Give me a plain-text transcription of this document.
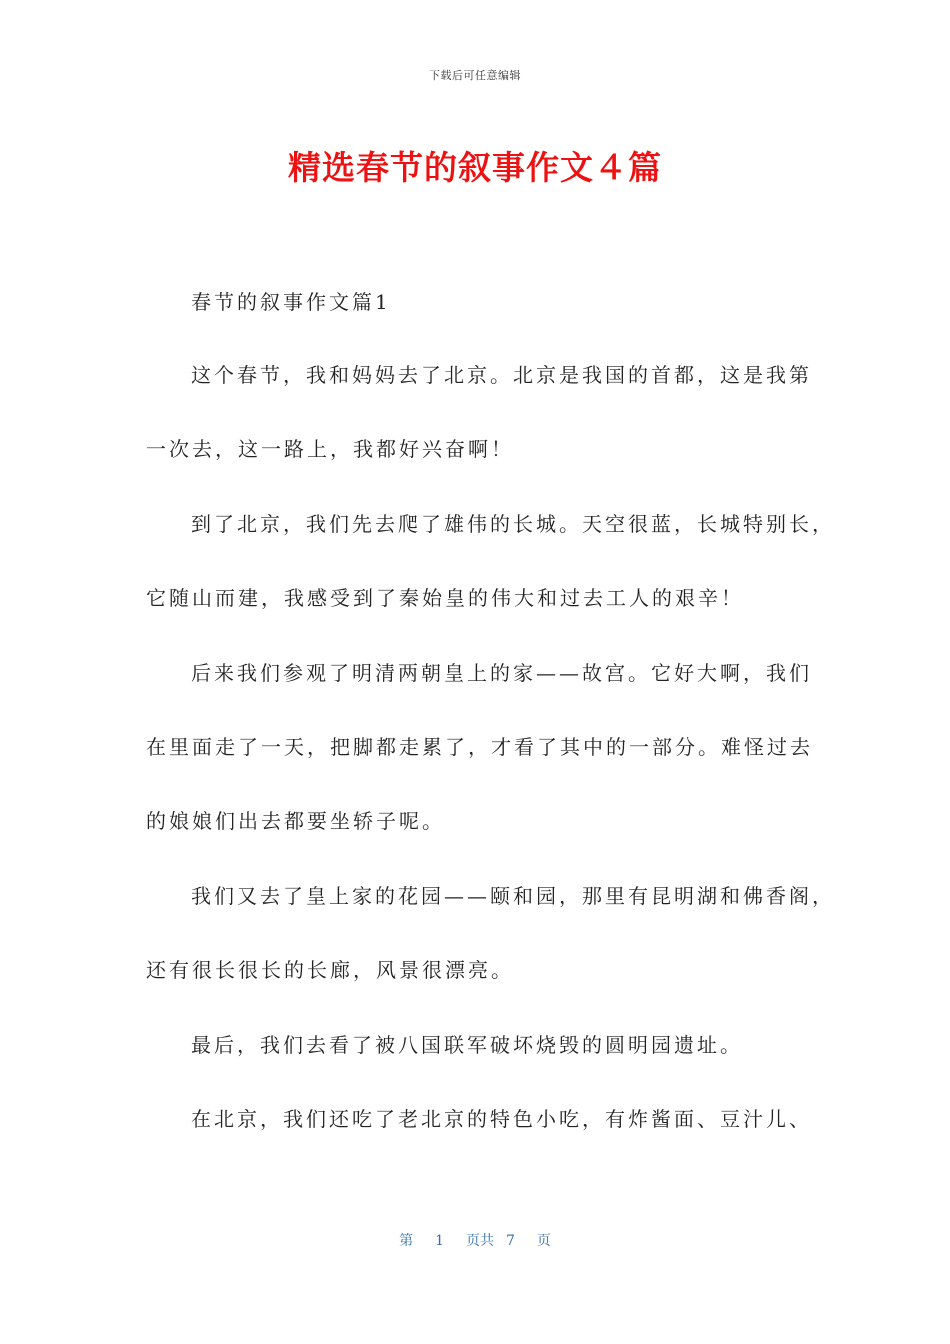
下载后可任意编辑
精选春节的叙事作文４篇
春节的叙事作文篇1
这个春节，我和妈妈去了北京。北京是我国的首都，这是我第
一次去，这一路上，我都好兴奋啊！
到了北京，我们先去爬了雄伟的长城。天空很蓝，长城特别长，
它随山而建，我感受到了秦始皇的伟大和过去工人的艰辛！
后来我们参观了明清两朝皇上的家——故宫。它好大啊，我们
在里面走了一天，把脚都走累了，才看了其中的一部分。难怪过去
的娘娘们出去都要坐轿子呢。
我们又去了皇上家的花园——颐和园，那里有昆明湖和佛香阁，
还有很长很长的长廊，风景很漂亮。
最后，我们去看了被八国联军破坏烧毁的圆明园遗址。
在北京，我们还吃了老北京的特色小吃，有炸酱面、豆汁儿、
第 1 页共 7 页
